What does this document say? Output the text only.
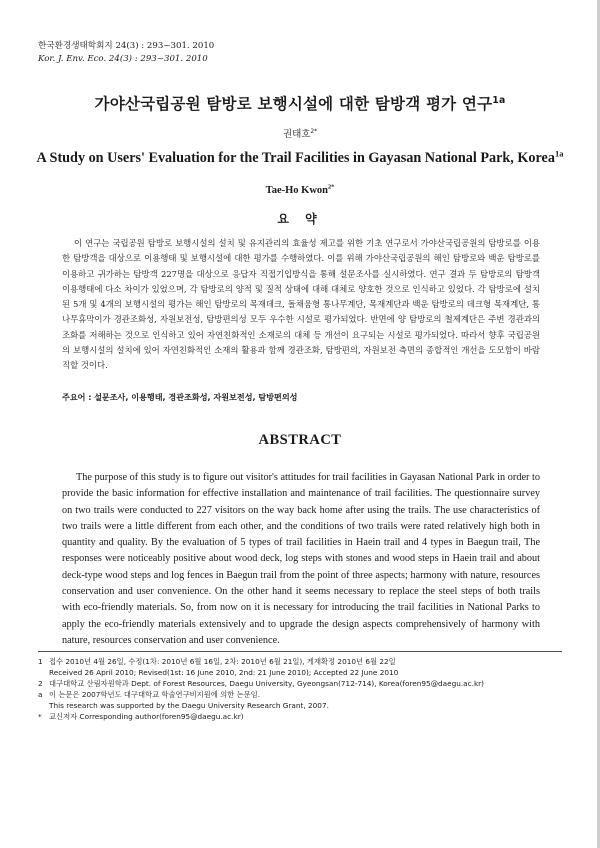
한국환경생태학회지 24(3) : 293~301. 2010
Kor. J. Env. Eco. 24(3) : 293~301. 2010
가야산국립공원 탐방로 보행시설에 대한 탐방객 평가 연구$^{1a}$
권태호$^{2*}$
A Study on Users' Evaluation for the Trail Facilities in Gayasan National Park, Korea$^{1a}$
Tae-Ho Kwon$^{2*}$
요 약

이 연구는 국립공원 탐방로 보행시설의 설치 및 유지관리의 효율성 제고를 위한 기초 연구로서 가야산국립공원의 탐방로를 이용한 탐방객을 대상으로 이용행태 및 보행시설에 대한 평가를 수행하였다. 이를 위해 가야산국립공원의 해인 탐방로와 백운 탐방로를 이용하고 귀가하는 탐방객 227명을 대상으로 응답자 직접기입방식을 통해 설문조사를 실시하였다. 연구 결과 두 탐방로의 탐방객 이용행태에 다소 차이가 있었으며, 각 탐방로의 양적 및 질적 상태에 대해 대체로 양호한 것으로 인식하고 있었다. 각 탐방로에 설치된 5개 및 4개의 보행시설의 평가는 해인 탐방로의 목재데크, 돌채움형 통나무계단, 목재계단과 백운 탐방로의 데크형 목재계단, 통나무휴막이가 경관조화성, 자원보전성, 탐방편의성 모두 우수한 시설로 평가되었다. 반면에 양 탐방로의 철제계단은 주변 경관과의 조화를 저해하는 것으로 인식하고 있어 자연친화적인 소재로의 대체 등 개선이 요구되는 시설로 평가되었다. 따라서 향후 국립공원의 보행시설의 설치에 있어 자연친화적인 소재의 활용과 함께 경관조화, 탐방편의, 자원보전 측면의 종합적인 개선을 도모함이 바람직할 것이다.

주요어 : 설문조사, 이용행태, 경관조화성, 자원보전성, 탐방편의성
ABSTRACT

The purpose of this study is to figure out visitor's attitudes for trail facilities in Gayasan National Park in order to provide the basic information for effective installation and maintenance of trail facilities. The questionnaire survey on two trails were conducted to 227 visitors on the way back home after using the trails. The use characteristics of two trails were a little different from each other, and the conditions of two trails were rated relatively high both in quantity and quality. By the evaluation of 5 types of trail facilities in Haein trail and 4 types in Baegun trail, The responses were noticeably positive about wood deck, log steps with stones and wood steps in Haein trail and about deck-type wood steps and log fences in Baegun trail from the point of three aspects; harmony with nature, resources conservation and user convenience. On the other hand it seems necessary to replace the steel steps of both trails with eco-friendly materials. So, from now on it is necessary for introducing the trail facilities in National Parks to apply the eco-friendly materials extensively and to upgrade the design aspects comprehensively of harmony with nature, resources conservation and user convenience.

1 접수 2010년 4월 26일, 수정(1차: 2010년 6월 16일, 2차: 2010년 6월 21일), 게재확정 2010년 6월 22일
Received 26 April 2010; Revised(1st: 16 June 2010, 2nd: 21 June 2010); Accepted 22 June 2010
2 대구대학교 산림자원학과 Dept. of Forest Resources, Daegu University, Gyeongsan(712-714), Korea(foren95@daegu.ac.kr)
a 이 논문은 2007학년도 대구대학교 학술연구비지원에 의한 논문임.
This research was supported by the Daegu University Research Grant, 2007.
* 교신저자 Corresponding author(foren95@daegu.ac.kr)
